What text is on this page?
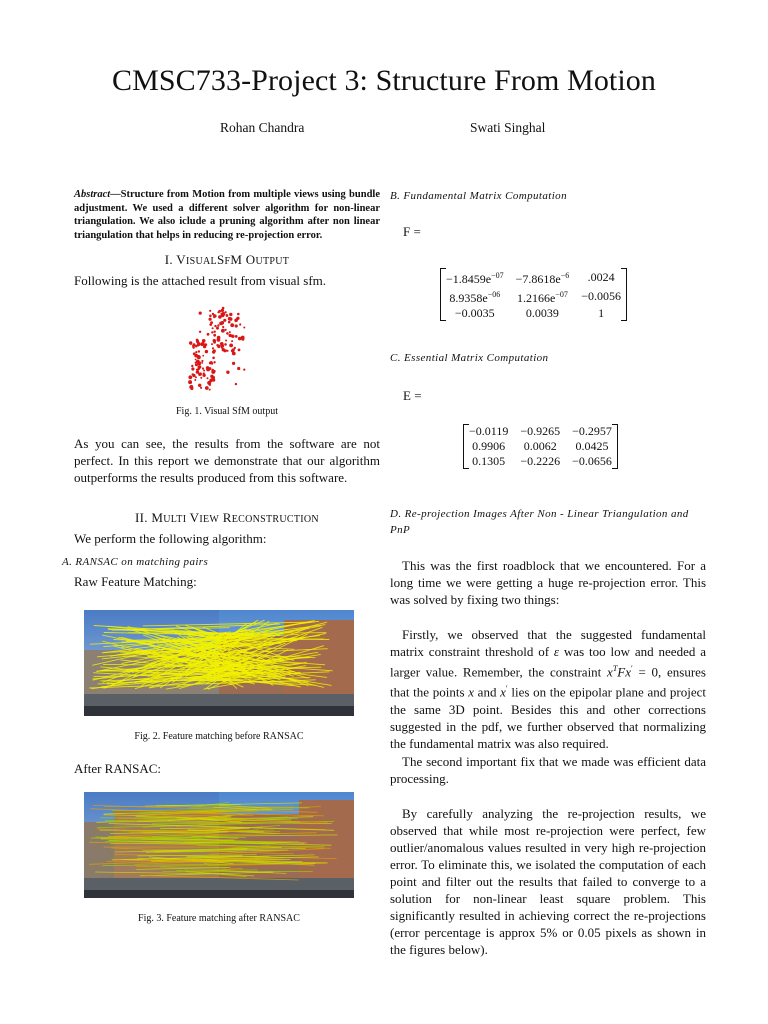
CMSC733-Project 3: Structure From Motion
Rohan Chandra	Swati Singhal
Abstract—Structure from Motion from multiple views using bundle adjustment. We used a different solver algorithm for non-linear triangulation. We also iclude a pruning algorithm after non linear triangulation that helps in reducing re-projection error.
I. VISUALSFM OUTPUT
Following is the attached result from visual sfm.
Fig. 1. Visual SfM output
As you can see, the results from the software are not perfect. In this report we demonstrate that our algorithm outperforms the results produced from this software.
II. MULTI VIEW RECONSTRUCTION
We perform the following algorithm:
A. RANSAC on matching pairs
Raw Feature Matching:
Fig. 2. Feature matching before RANSAC
After RANSAC:
Fig. 3. Feature matching after RANSAC
B. Fundamental Matrix Computation
F =
$-1.8459e^{-07}$	$-7.8618e^{-6}$	.0024
$8.9358e^{-06}$	$1.2166e^{-07}$	−0.0056
−0.0035	0.0039	1
C. Essential Matrix Computation
E =
−0.0119	−0.9265	−0.2957
0.9906	0.0062	0.0425
0.1305	−0.2226	−0.0656
D. Re-projection Images After Non - Linear Triangulation and PnP
This was the first roadblock that we encountered. For a long time we were getting a huge re-projection error. This was solved by fixing two things:
Firstly, we observed that the suggested fundamental matrix constraint threshold of ε was too low and needed a larger value. Remember, the constraint $x^TFx' = 0$, ensures that the points x and x′ lies on the epipolar plane and project the same 3D point. Besides this and other corrections suggested in the pdf, we further observed that normalizing the fundamental matrix was also required.
The second important fix that we made was efficient data processing.
By carefully analyzing the re-projection results, we observed that while most re-projection were perfect, few outlier/anomalous values resulted in very high re-projection error. To eliminate this, we isolated the computation of each point and filter out the results that failed to converge to a solution for non-linear least square problem. This significantly resulted in achieving correct the re-projections (error percentage is approx 5% or 0.05 pixels as shown in the figures below).
